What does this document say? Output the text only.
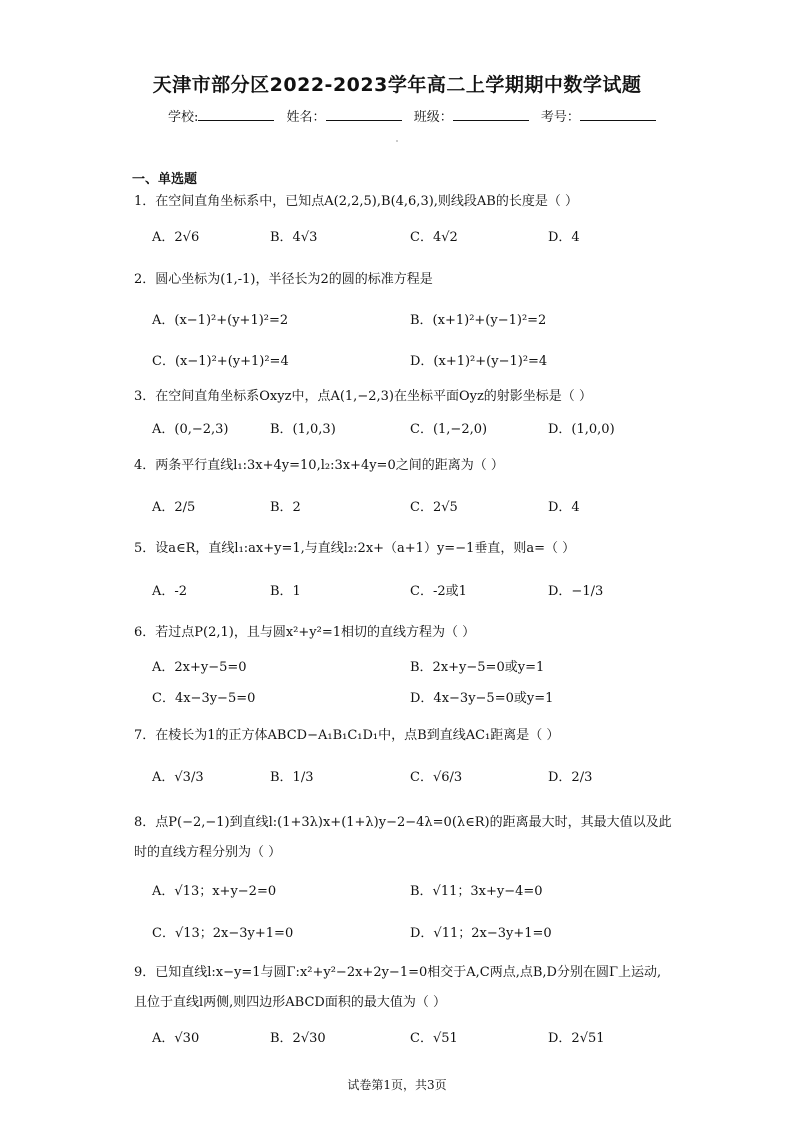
天津市部分区2022-2023学年高二上学期期中数学试题
学校:	姓名：	班级：	考号：
一、单选题
1．在空间直角坐标系中，已知点A(2,2,5),B(4,6,3),则线段AB的长度是（ ）
A．2√6	B．4√3	C．4√2	D．4
2．圆心坐标为(1,-1)，半径长为2的圆的标准方程是
A．(x−1)²+(y+1)²=2	B．(x+1)²+(y−1)²=2
C．(x−1)²+(y+1)²=4	D．(x+1)²+(y−1)²=4
3．在空间直角坐标系Oxyz中，点A(1,−2,3)在坐标平面Oyz的射影坐标是（ ）
A．(0,−2,3)	B．(1,0,3)	C．(1,−2,0)	D．(1,0,0)
4．两条平行直线l₁:3x+4y=10,l₂:3x+4y=0之间的距离为（ ）
A．2/5	B．2	C．2√5	D．4
5．设a∈R，直线l₁:ax+y=1,与直线l₂:2x+（a+1）y=−1垂直，则a=（ ）
A．-2	B．1	C．-2或1	D．−1/3
6．若过点P(2,1)，且与圆x²+y²=1相切的直线方程为（ ）
A．2x+y−5=0	B．2x+y−5=0或y=1
C．4x−3y−5=0	D．4x−3y−5=0或y=1
7．在棱长为1的正方体ABCD−A₁B₁C₁D₁中，点B到直线AC₁距离是（ ）
A．√3/3	B．1/3	C．√6/3	D．2/3
8．点P(−2,−1)到直线l:(1+3λ)x+(1+λ)y−2−4λ=0(λ∈R)的距离最大时，其最大值以及此时的直线方程分别为（ ）
A．√13；x+y−2=0	B．√11；3x+y−4=0
C．√13；2x−3y+1=0	D．√11；2x−3y+1=0
9．已知直线l:x−y=1与圆Γ:x²+y²−2x+2y−1=0相交于A,C两点,点B,D分别在圆Γ上运动,且位于直线l两侧,则四边形ABCD面积的最大值为（ ）
A．√30	B．2√30	C．√51	D．2√51
试卷第1页，共3页
